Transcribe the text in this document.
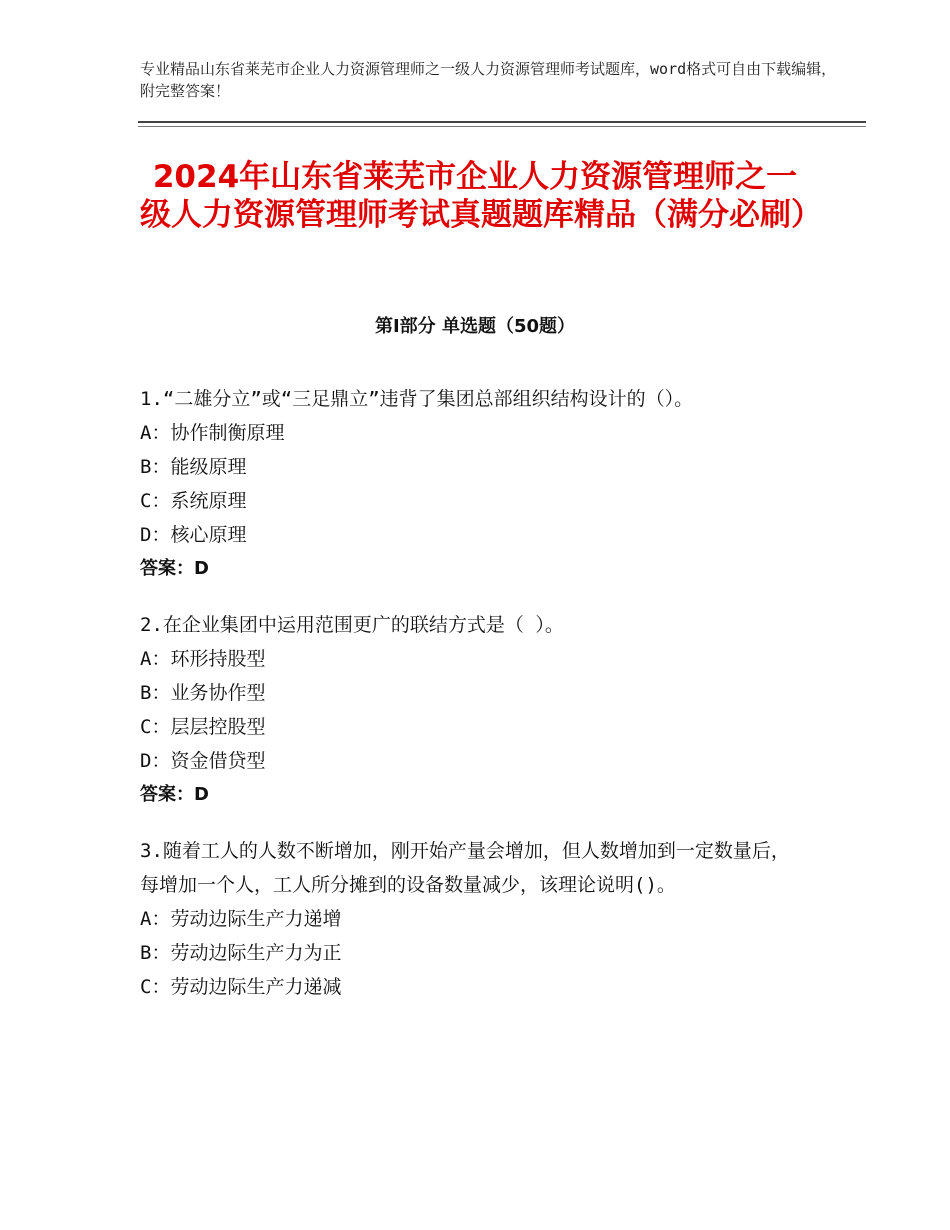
专业精品山东省莱芜市企业人力资源管理师之一级人力资源管理师考试题库，word格式可自由下载编辑，附完整答案！
2024年山东省莱芜市企业人力资源管理师之一级人力资源管理师考试真题题库精品（满分必刷）
第Ⅰ部分 单选题（50题）

1.“二雄分立”或“三足鼎立”违背了集团总部组织结构设计的（）。

A：协作制衡原理

B：能级原理

C：系统原理

D：核心原理

答案：D

2.在企业集团中运用范围更广的联结方式是（ ）。

A：环形持股型

B：业务协作型

C：层层控股型

D：资金借贷型

答案：D

3.随着工人的人数不断增加，刚开始产量会增加，但人数增加到一定数量后，每增加一个人，工人所分摊到的设备数量减少，该理论说明()。

A：劳动边际生产力递增

B：劳动边际生产力为正

C：劳动边际生产力递减
